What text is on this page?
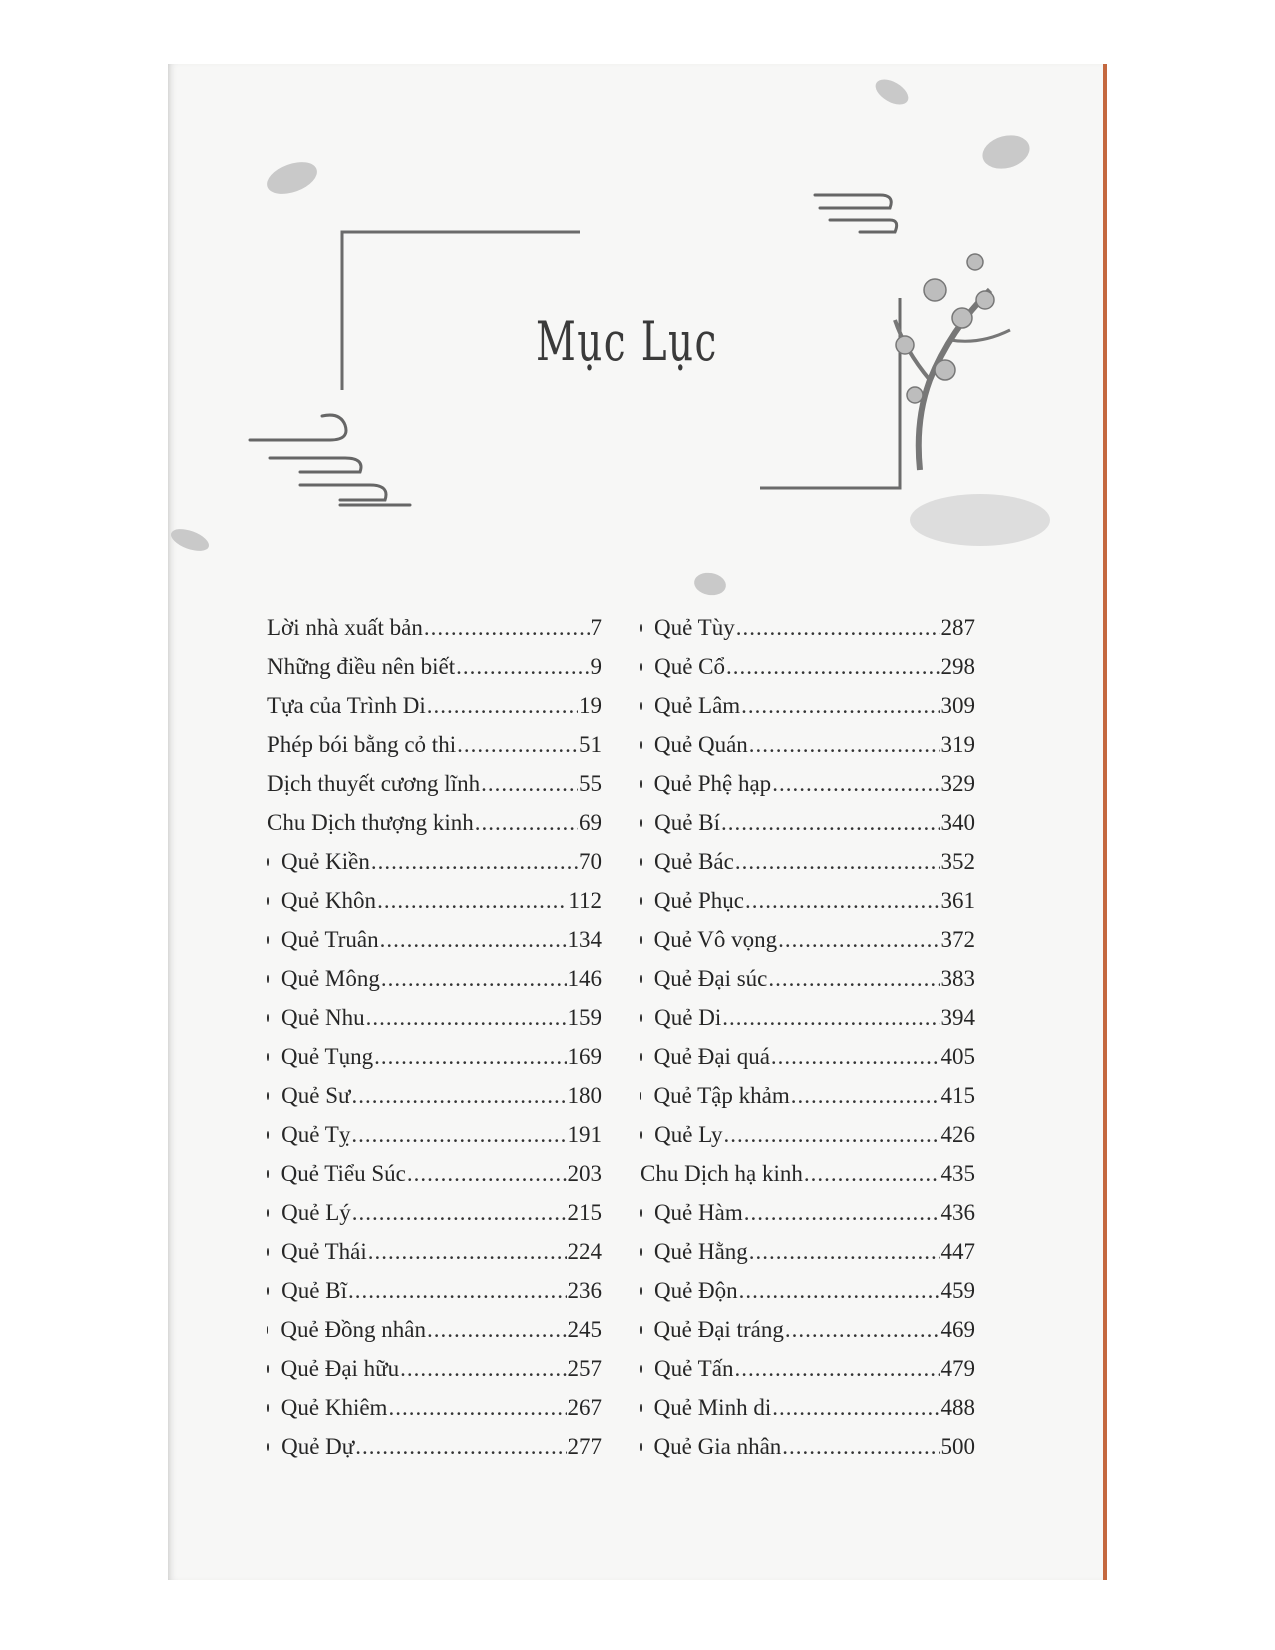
Mục Lục
Lời nhà xuất bản .....	7
Những điều nên biết .....	9
Tựa của Trình Di .....	19
Phép bói bằng cỏ thi .....	51
Dịch thuyết cương lĩnh .....	55
Chu Dịch thượng kinh .....	69
Quẻ Kiền .....	70
Quẻ Khôn .....	112
Quẻ Truân .....	134
Quẻ Mông .....	146
Quẻ Nhu .....	159
Quẻ Tụng .....	169
Quẻ Sư .....	180
Quẻ Tỵ .....	191
Quẻ Tiểu Súc .....	203
Quẻ Lý .....	215
Quẻ Thái .....	224
Quẻ Bĩ .....	236
Quẻ Đồng nhân .....	245
Quẻ Đại hữu .....	257
Quẻ Khiêm .....	267
Quẻ Dự .....	277
Quẻ Tùy .....	287
Quẻ Cổ .....	298
Quẻ Lâm .....	309
Quẻ Quán .....	319
Quẻ Phệ hạp .....	329
Quẻ Bí .....	340
Quẻ Bác .....	352
Quẻ Phục .....	361
Quẻ Vô vọng .....	372
Quẻ Đại súc .....	383
Quẻ Di .....	394
Quẻ Đại quá .....	405
Quẻ Tập khảm .....	415
Quẻ Ly .....	426
Chu Dịch hạ kinh .....	435
Quẻ Hàm .....	436
Quẻ Hằng .....	447
Quẻ Độn .....	459
Quẻ Đại tráng .....	469
Quẻ Tấn .....	479
Quẻ Minh di .....	488
Quẻ Gia nhân .....	500
